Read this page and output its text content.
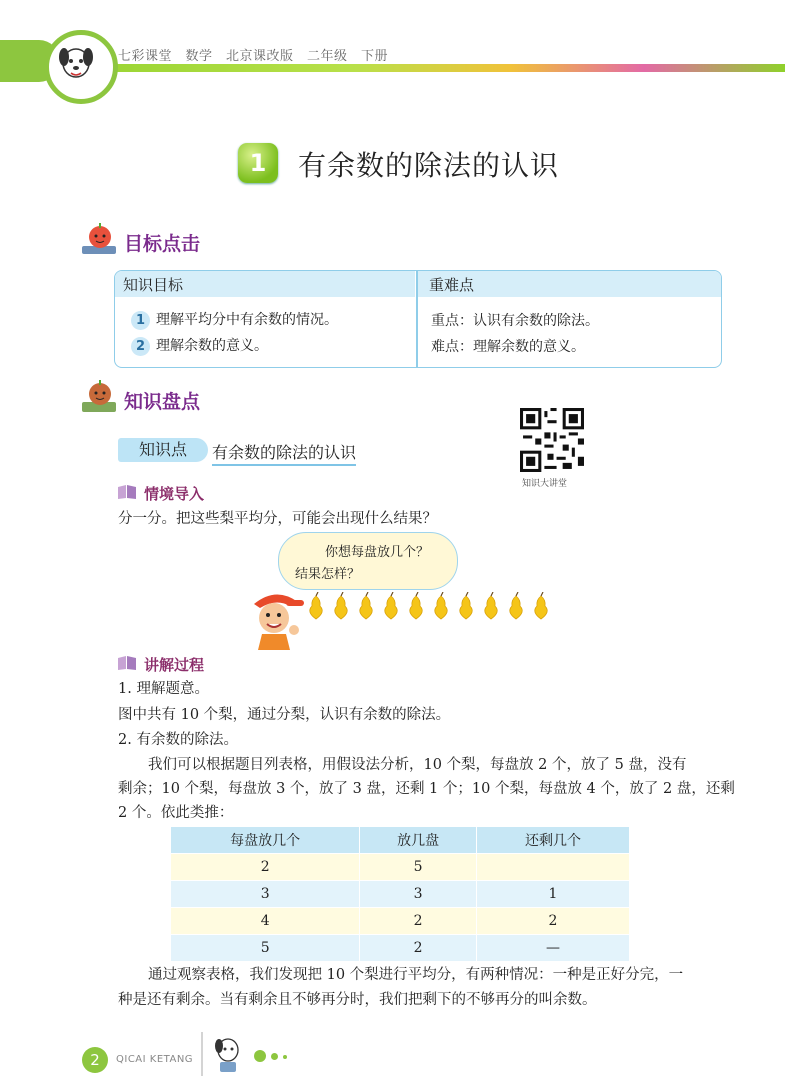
七彩课堂　数学　北京课改版　二年级　下册
1	有余数的除法的认识
目标点击
知识目标	重难点
1 理解平均分中有余数的情况。
2 理解余数的意义。
重点：认识有余数的除法。
难点：理解余数的意义。
知识盘点
知识点	有余数的除法的认识
知识大讲堂
情境导入
分一分。把这些梨平均分，可能会出现什么结果？
你想每盘放几个？
结果怎样？
讲解过程
1. 理解题意。
图中共有 10 个梨，通过分梨，认识有余数的除法。
2. 有余数的除法。
我们可以根据题目列表格，用假设法分析，10 个梨，每盘放 2 个，放了 5 盘，没有
剩余；10 个梨，每盘放 3 个，放了 3 盘，还剩 1 个；10 个梨，每盘放 4 个，放了 2 盘，还剩
2 个。依此类推：
每盘放几个	放几盘	还剩几个
2	5	
3	3	1
4	2	2
5	2	—
通过观察表格，我们发现把 10 个梨进行平均分，有两种情况：一种是正好分完，一
种是还有剩余。当有剩余且不够再分时，我们把剩下的不够再分的叫余数。
2	QICAI KETANG
